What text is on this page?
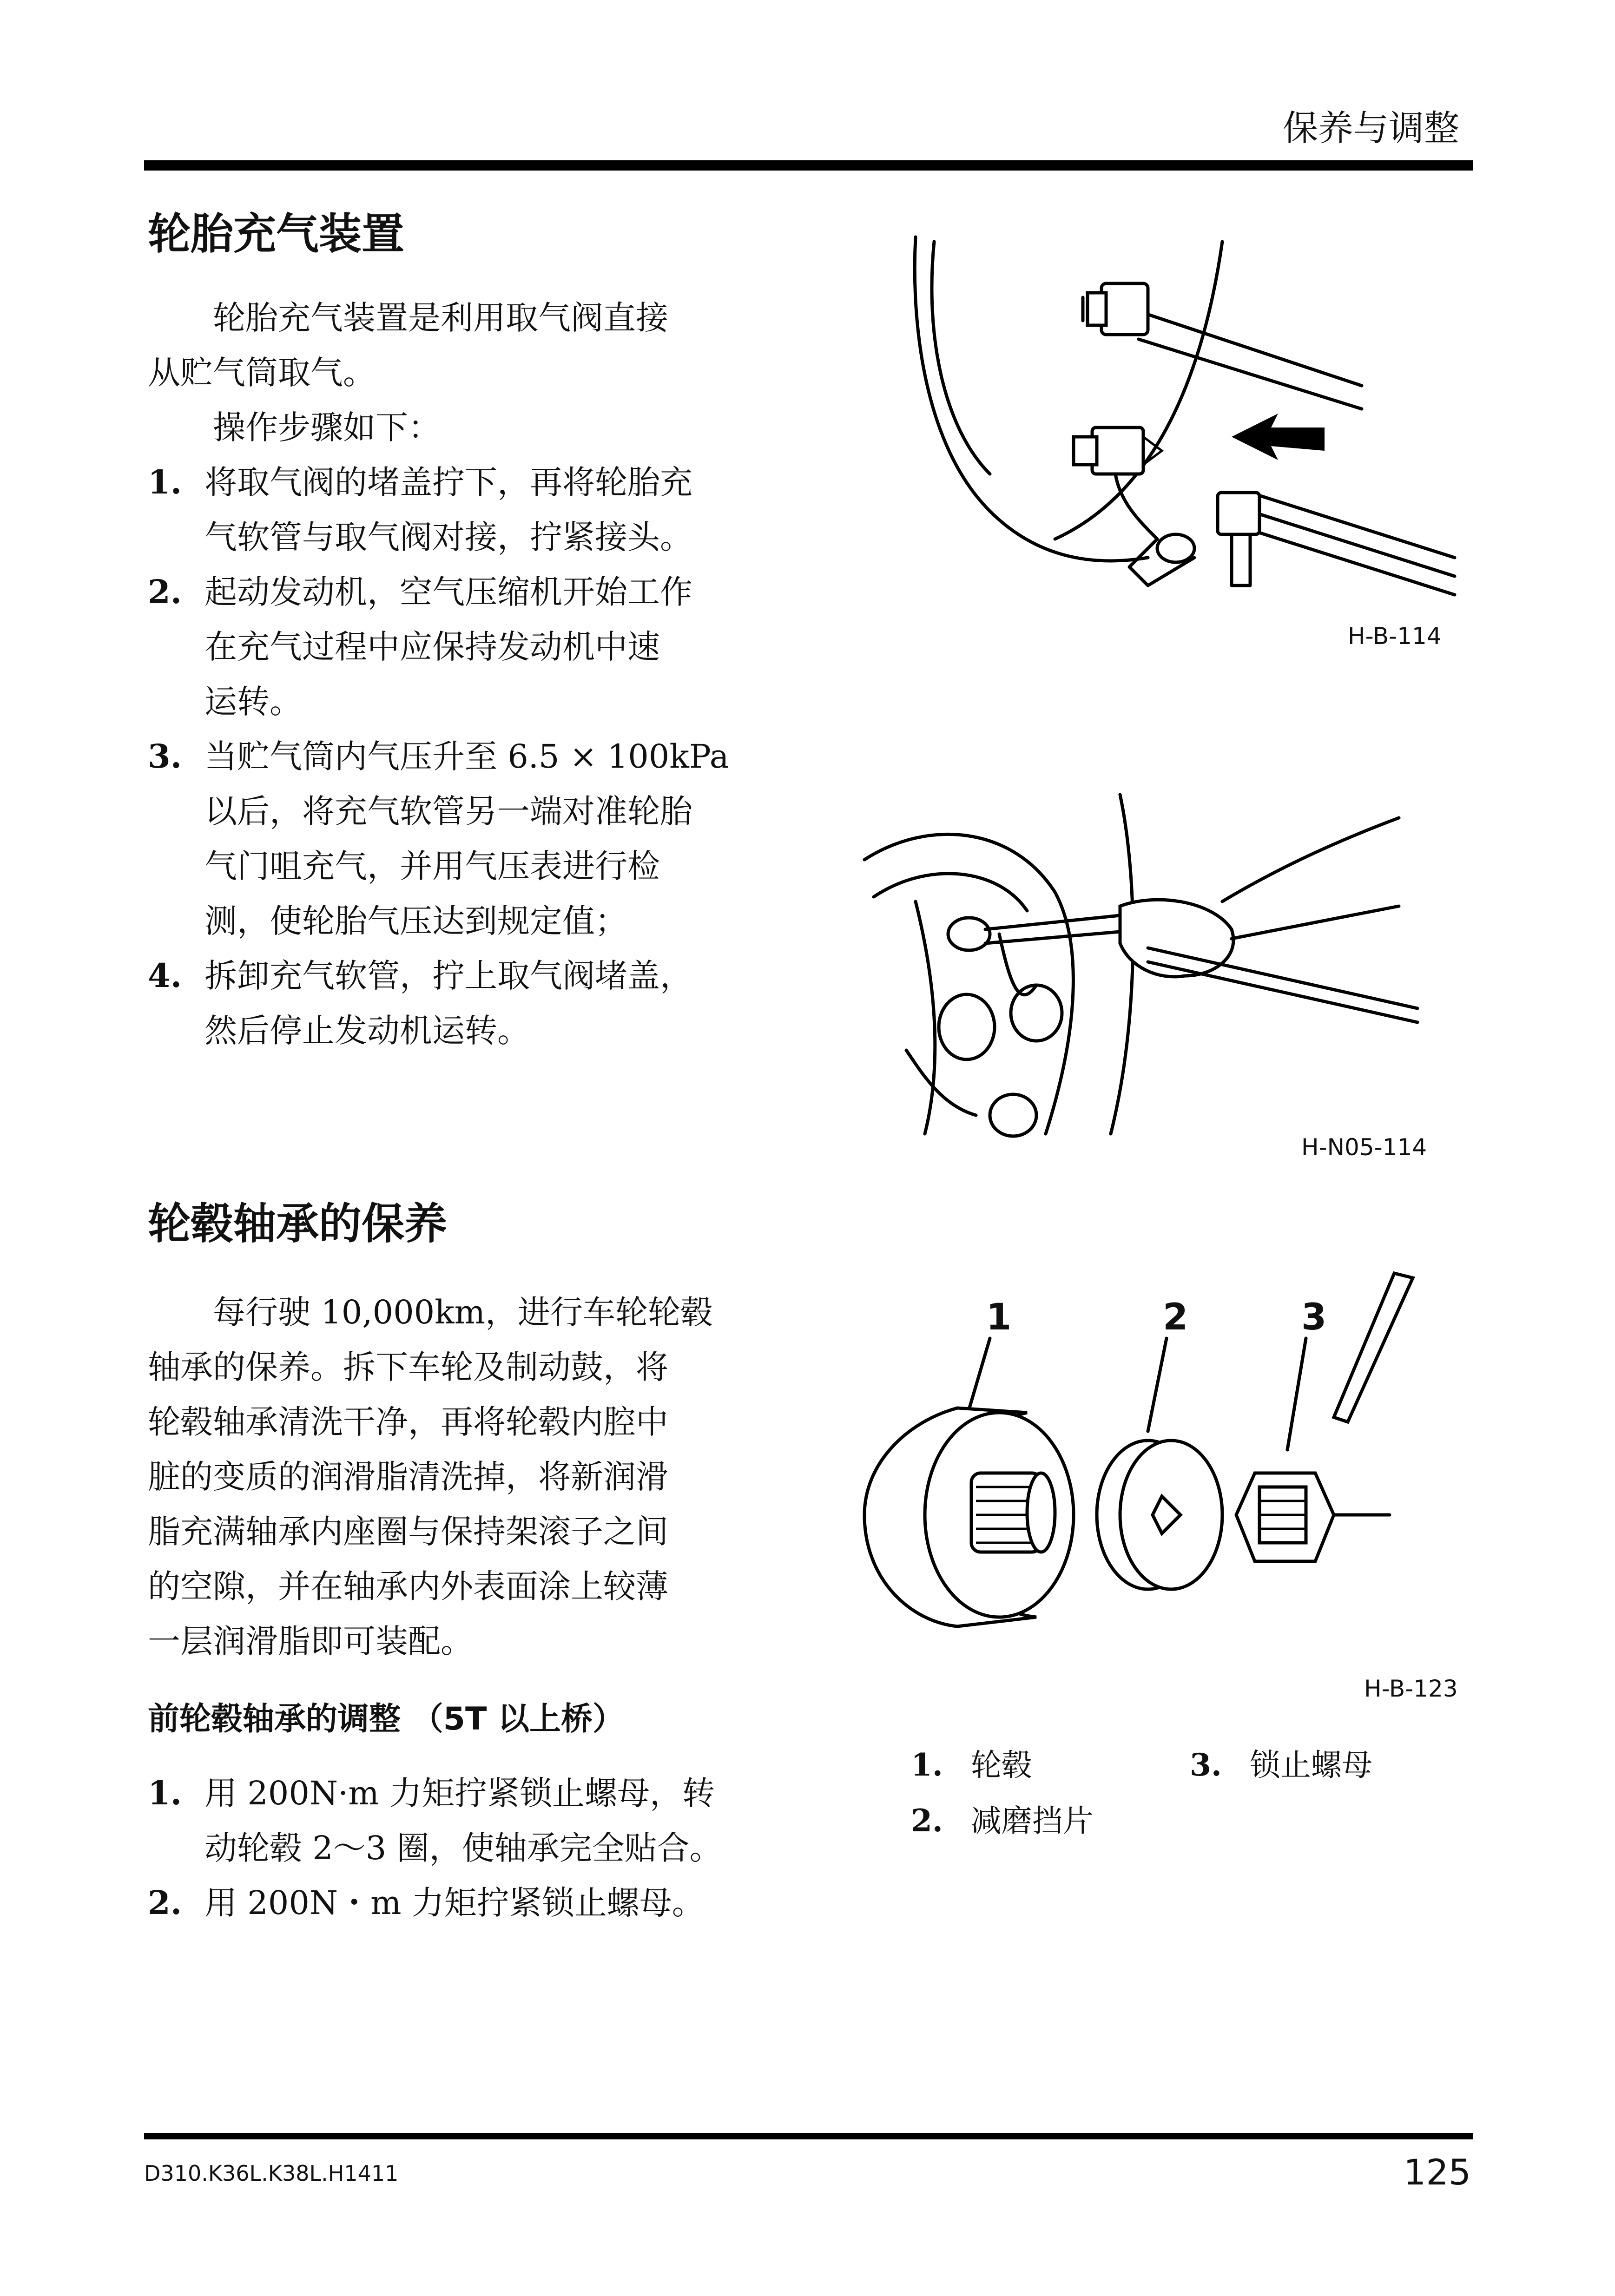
保养与调整
轮胎充气装置

轮胎充气装置是利用取气阀直接

从贮气筒取气。

操作步骤如下：

1. 将取气阀的堵盖拧下，再将轮胎充
气软管与取气阀对接，拧紧接头。
2. 起动发动机，空气压缩机开始工作
在充气过程中应保持发动机中速
运转。
3. 当贮气筒内气压升至 6.5 × 100kPa
以后，将充气软管另一端对准轮胎
气门咀充气，并用气压表进行检
测，使轮胎气压达到规定值；
4. 拆卸充气软管，拧上取气阀堵盖，
然后停止发动机运转。
H-B-114
H-N05-114
轮毂轴承的保养

每行驶 10,000km，进行车轮轮毂

轴承的保养。拆下车轮及制动鼓，将

轮毂轴承清洗干净，再将轮毂内腔中

脏的变质的润滑脂清洗掉，将新润滑

脂充满轴承内座圈与保持架滚子之间

的空隙，并在轴承内外表面涂上较薄

一层润滑脂即可装配。

1	2	3
H-B-123
1. 轮毂	3. 锁止螺母
2. 减磨挡片
前轮毂轴承的调整 （5T 以上桥）
1. 用 200N·m 力矩拧紧锁止螺母，转
动轮毂 2～3 圈，使轴承完全贴合。
2. 用 200N・m 力矩拧紧锁止螺母。
D310.K36L.K38L.H1411	125
